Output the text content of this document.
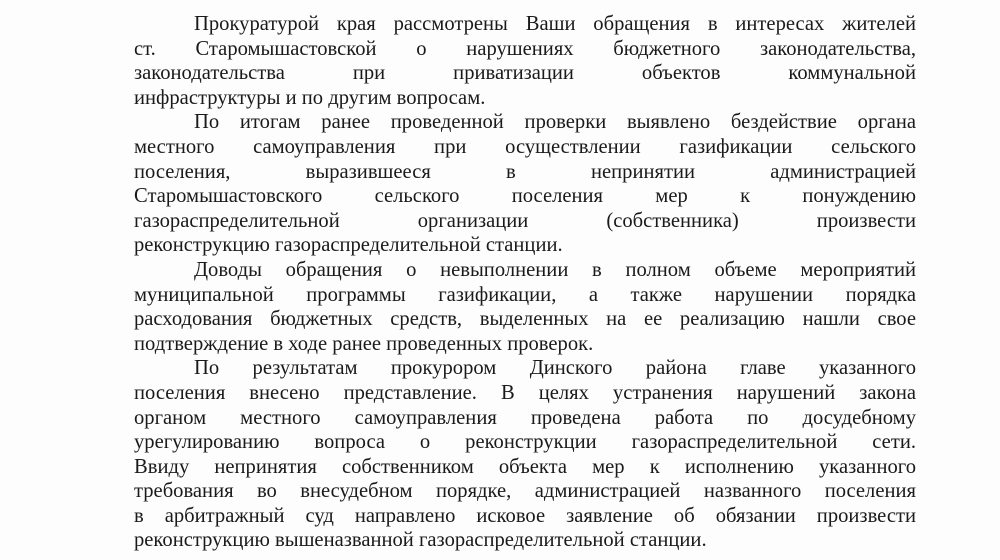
Прокуратурой края рассмотрены Ваши обращения в интересах жителей
ст. Старомышастовской о нарушениях бюджетного законодательства,
законодательства при приватизации объектов коммунальной
инфраструктуры и по другим вопросам.

По итогам ранее проведенной проверки выявлено бездействие органа
местного самоуправления при осуществлении газификации сельского
поселения, выразившееся в непринятии администрацией
Старомышастовского сельского поселения мер к понуждению
газораспределительной организации (собственника) произвести
реконструкцию газораспределительной станции.

Доводы обращения о невыполнении в полном объеме мероприятий
муниципальной программы газификации, а также нарушении порядка
расходования бюджетных средств, выделенных на ее реализацию нашли свое
подтверждение в ходе ранее проведенных проверок.

По результатам прокурором Динского района главе указанного
поселения внесено представление. В целях устранения нарушений закона
органом местного самоуправления проведена работа по досудебному
урегулированию вопроса о реконструкции газораспределительной сети.
Ввиду непринятия собственником объекта мер к исполнению указанного
требования во внесудебном порядке, администрацией названного поселения
в арбитражный суд направлено исковое заявление об обязании произвести
реконструкцию вышеназванной газораспределительной станции.
